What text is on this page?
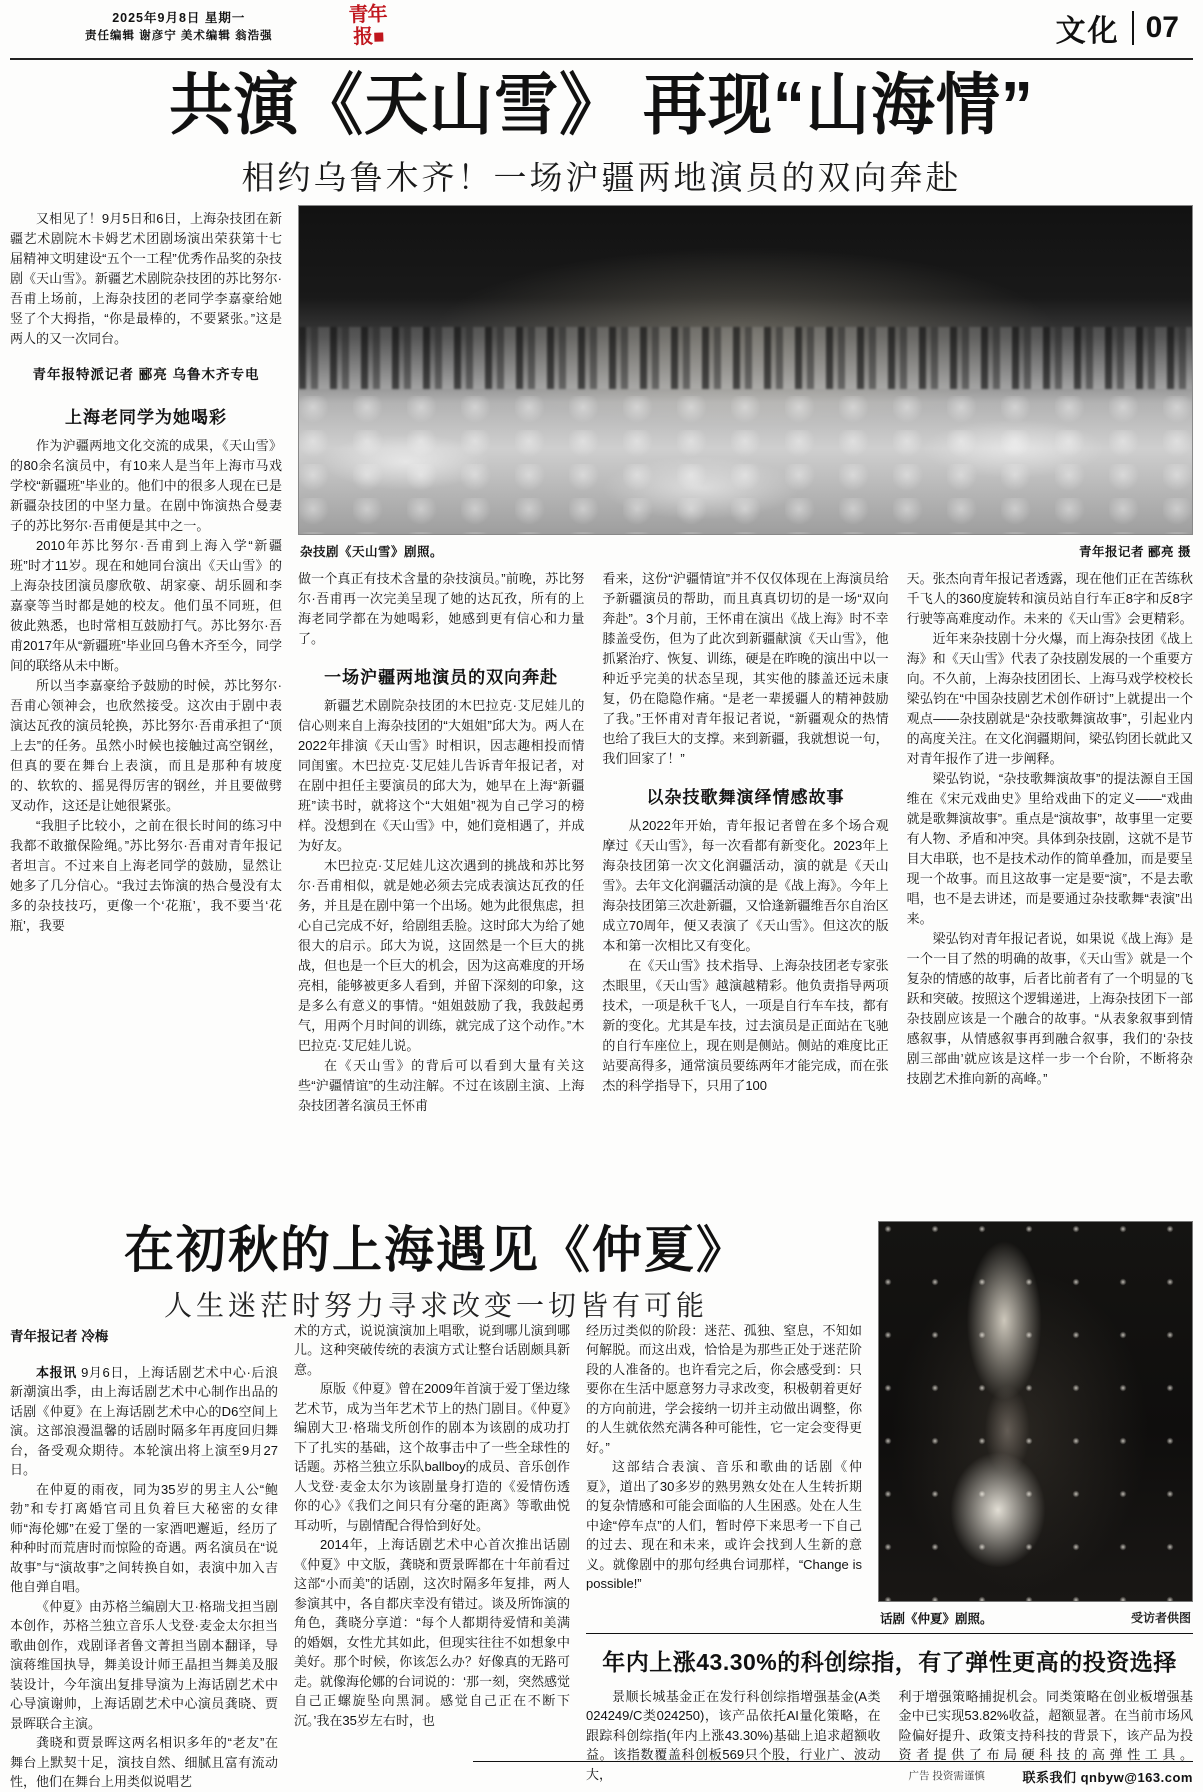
2025年9月8日 星期一
责任编辑 谢彦宁 美术编辑 翁浩强
青年报	文化 07
共演《天山雪》 再现“山海情”
相约乌鲁木齐！一场沪疆两地演员的双向奔赴

又相见了！9月5日和6日，上海杂技团在新疆艺术剧院木卡姆艺术团剧场演出荣获第十七届精神文明建设“五个一工程”优秀作品奖的杂技剧《天山雪》。新疆艺术剧院杂技团的苏比努尔·吾甫上场前，上海杂技团的老同学李嘉豪给她竖了个大拇指，“你是最棒的，不要紧张。”这是两人的又一次同台。

青年报特派记者 郦亮 乌鲁木齐专电
上海老同学为她喝彩

作为沪疆两地文化交流的成果，《天山雪》的80余名演员中，有10来人是当年上海市马戏学校“新疆班”毕业的。他们中的很多人现在已是新疆杂技团的中坚力量。在剧中饰演热合曼妻子的苏比努尔·吾甫便是其中之一。

2010年苏比努尔·吾甫到上海入学“新疆班”时才11岁。现在和她同台演出《天山雪》的上海杂技团演员廖欣敬、胡家豪、胡乐圆和李嘉豪等当时都是她的校友。他们虽不同班，但彼此熟悉，也时常相互鼓励打气。苏比努尔·吾甫2017年从“新疆班”毕业回乌鲁木齐至今，同学间的联络从未中断。

所以当李嘉豪给予鼓励的时候，苏比努尔·吾甫心领神会，也欣然接受。这次由于剧中表演达瓦孜的演员轮换，苏比努尔·吾甫承担了“顶上去”的任务。虽然小时候也接触过高空钢丝，但真的要在舞台上表演，而且是那种有坡度的、软软的、摇晃得厉害的钢丝，并且要做劈叉动作，这还是让她很紧张。

“我胆子比较小，之前在很长时间的练习中我都不敢撤保险绳。”苏比努尔·吾甫对青年报记者坦言。不过来自上海老同学的鼓励，显然让她多了几分信心。“我过去饰演的热合曼没有太多的杂技技巧，更像一个‘花瓶’，我不要当‘花瓶’，我要

杂技剧《天山雪》剧照。	青年报记者 郦亮 摄

做一个真正有技术含量的杂技演员。”前晚，苏比努尔·吾甫再一次完美呈现了她的达瓦孜，所有的上海老同学都在为她喝彩，她感到更有信心和力量了。

一场沪疆两地演员的双向奔赴

新疆艺术剧院杂技团的木巴拉克·艾尼娃儿的信心则来自上海杂技团的“大姐姐”邱大为。两人在2022年排演《天山雪》时相识，因志趣相投而情同闺蜜。木巴拉克·艾尼娃儿告诉青年报记者，对在剧中担任主要演员的邱大为，她早在上海“新疆班”读书时，就将这个“大姐姐”视为自己学习的榜样。没想到在《天山雪》中，她们竟相遇了，并成为好友。

木巴拉克·艾尼娃儿这次遇到的挑战和苏比努尔·吾甫相似，就是她必须去完成表演达瓦孜的任务，并且是在剧中第一个出场。她为此很焦虑，担心自己完成不好，给剧组丢脸。这时邱大为给了她很大的启示。邱大为说，这固然是一个巨大的挑战，但也是一个巨大的机会，因为这高难度的开场亮相，能够被更多人看到，并留下深刻的印象，这是多么有意义的事情。“姐姐鼓励了我，我鼓起勇气，用两个月时间的训练，就完成了这个动作。”木巴拉克·艾尼娃儿说。

在《天山雪》的背后可以看到大量有关这些“沪疆情谊”的生动注解。不过在该剧主演、上海杂技团著名演员王怀甫

看来，这份“沪疆情谊”并不仅仅体现在上海演员给予新疆演员的帮助，而且真真切切的是一场“双向奔赴”。3个月前，王怀甫在演出《战上海》时不幸膝盖受伤，但为了此次到新疆献演《天山雪》，他抓紧治疗、恢复、训练，硬是在昨晚的演出中以一种近乎完美的状态呈现，其实他的膝盖还远未康复，仍在隐隐作痛。“是老一辈援疆人的精神鼓励了我。”王怀甫对青年报记者说，“新疆观众的热情也给了我巨大的支撑。来到新疆，我就想说一句，我们回家了！”

以杂技歌舞演绎情感故事

从2022年开始，青年报记者曾在多个场合观摩过《天山雪》，每一次看都有新变化。2023年上海杂技团第一次文化润疆活动，演的就是《天山雪》。去年文化润疆活动演的是《战上海》。今年上海杂技团第三次赴新疆，又恰逢新疆维吾尔自治区成立70周年，便又表演了《天山雪》。但这次的版本和第一次相比又有变化。

在《天山雪》技术指导、上海杂技团老专家张杰眼里，《天山雪》越演越精彩。他负责指导两项技术，一项是秋千飞人，一项是自行车车技，都有新的变化。尤其是车技，过去演员是正面站在飞驰的自行车座位上，现在则是侧站。侧站的难度比正站要高得多，通常演员要练两年才能完成，而在张杰的科学指导下，只用了100

天。张杰向青年报记者透露，现在他们正在苦练秋千飞人的360度旋转和演员站自行车正8字和反8字行驶等高难度动作。未来的《天山雪》会更精彩。

近年来杂技剧十分火爆，而上海杂技团《战上海》和《天山雪》代表了杂技剧发展的一个重要方向。不久前，上海杂技团团长、上海马戏学校校长梁弘钧在“中国杂技剧艺术创作研讨”上就提出一个观点——杂技剧就是“杂技歌舞演故事”，引起业内的高度关注。在文化润疆期间，梁弘钧团长就此又对青年报作了进一步阐释。

梁弘钧说，“杂技歌舞演故事”的提法源自王国维在《宋元戏曲史》里给戏曲下的定义——“戏曲就是歌舞演故事”。重点是“演故事”，故事里一定要有人物、矛盾和冲突。具体到杂技剧，这就不是节目大串联，也不是技术动作的简单叠加，而是要呈现一个故事。而且这故事一定是要“演”，不是去歌唱，也不是去讲述，而是要通过杂技歌舞“表演”出来。

梁弘钧对青年报记者说，如果说《战上海》是一个一目了然的明确的故事，《天山雪》就是一个复杂的情感的故事，后者比前者有了一个明显的飞跃和突破。按照这个逻辑递进，上海杂技团下一部杂技剧应该是一个融合的故事。“从表象叙事到情感叙事，从情感叙事再到融合叙事，我们的‘杂技剧三部曲’就应该是这样一步一个台阶，不断将杂技剧艺术推向新的高峰。”

在初秋的上海遇见《仲夏》
人生迷茫时努力寻求改变一切皆有可能
青年报记者 冷梅

本报讯 9月6日，上海话剧艺术中心·后浪新潮演出季，由上海话剧艺术中心制作出品的话剧《仲夏》在上海话剧艺术中心的D6空间上演。这部浪漫温馨的话剧时隔多年再度回归舞台，备受观众期待。本轮演出将上演至9月27日。

在仲夏的雨夜，同为35岁的男主人公“鲍勃”和专打离婚官司且负着巨大秘密的女律师“海伦娜”在爱丁堡的一家酒吧邂逅，经历了种种时而荒唐时而惊险的奇遇。两名演员在“说故事”与“演故事”之间转换自如，表演中加入吉他自弹自唱。

《仲夏》由苏格兰编剧大卫·格瑞戈担当剧本创作，苏格兰独立音乐人戈登·麦金太尔担当歌曲创作，戏剧译者鲁文菁担当剧本翻译，导演蒋维国执导，舞美设计师王晶担当舞美及服装设计，今年演出复排导演为上海话剧艺术中心导演谢帅，上海话剧艺术中心演员龚晓、贾景晖联合主演。

龚晓和贾景晖这两名相识多年的“老友”在舞台上默契十足，演技自然、细腻且富有流动性，他们在舞台上用类似说唱艺

术的方式，说说演演加上唱歌，说到哪儿演到哪儿。这种突破传统的表演方式让整台话剧颇具新意。

原版《仲夏》曾在2009年首演于爱丁堡边缘艺术节，成为当年艺术节上的热门剧目。《仲夏》编剧大卫·格瑞戈所创作的剧本为该剧的成功打下了扎实的基础，这个故事击中了一些全球性的话题。苏格兰独立乐队ballboy的成员、音乐创作人戈登·麦金太尔为该剧量身打造的《爱情伤透你的心》《我们之间只有分毫的距离》等歌曲悦耳动听，与剧情配合得恰到好处。

2014年，上海话剧艺术中心首次推出话剧《仲夏》中文版，龚晓和贾景晖都在十年前看过这部“小而美”的话剧，这次时隔多年复排，两人参演其中，各自都庆幸没有错过。谈及所饰演的角色，龚晓分享道：“每个人都期待爱情和美满的婚姻，女性尤其如此，但现实往往不如想象中美好。那个时候，你该怎么办？好像真的无路可走。就像海伦娜的台词说的：‘那一刻，突然感觉自己正螺旋坠向黑洞。感觉自己正在不断下沉。’我在35岁左右时，也

经历过类似的阶段：迷茫、孤独、窒息，不知如何解脱。而这出戏，恰恰是为那些正处于迷茫阶段的人准备的。也许看完之后，你会感受到：只要你在生活中愿意努力寻求改变，积极朝着更好的方向前进，学会接纳一切并主动做出调整，你的人生就依然充满各种可能性，它一定会变得更好。”

这部结合表演、音乐和歌曲的话剧《仲夏》，道出了30多岁的熟男熟女处在人生转折期的复杂情感和可能会面临的人生困惑。处在人生中途“停车点”的人们，暂时停下来思考一下自己的过去、现在和未来，或许会找到人生新的意义。就像剧中的那句经典台词那样，“Change is possible!”

话剧《仲夏》剧照。	受访者供图
年内上涨43.30%的科创综指，有了弹性更高的投资选择

景顺长城基金正在发行科创综指增强基金(A类024249/C类024250)，该产品依托AI量化策略，在跟踪科创综指(年内上涨43.30%)基础上追求超额收益。该指数覆盖科创板569只个股，行业广、波动大，

利于增强策略捕捉机会。同类策略在创业板增强基金中已实现53.82%收益，超额显著。在当前市场风险偏好提升、政策支持科技的背景下，该产品为投资者提供了布局硬科技的高弹性工具。广告 投资需谨慎	联系我们 qnbyw@163.com
